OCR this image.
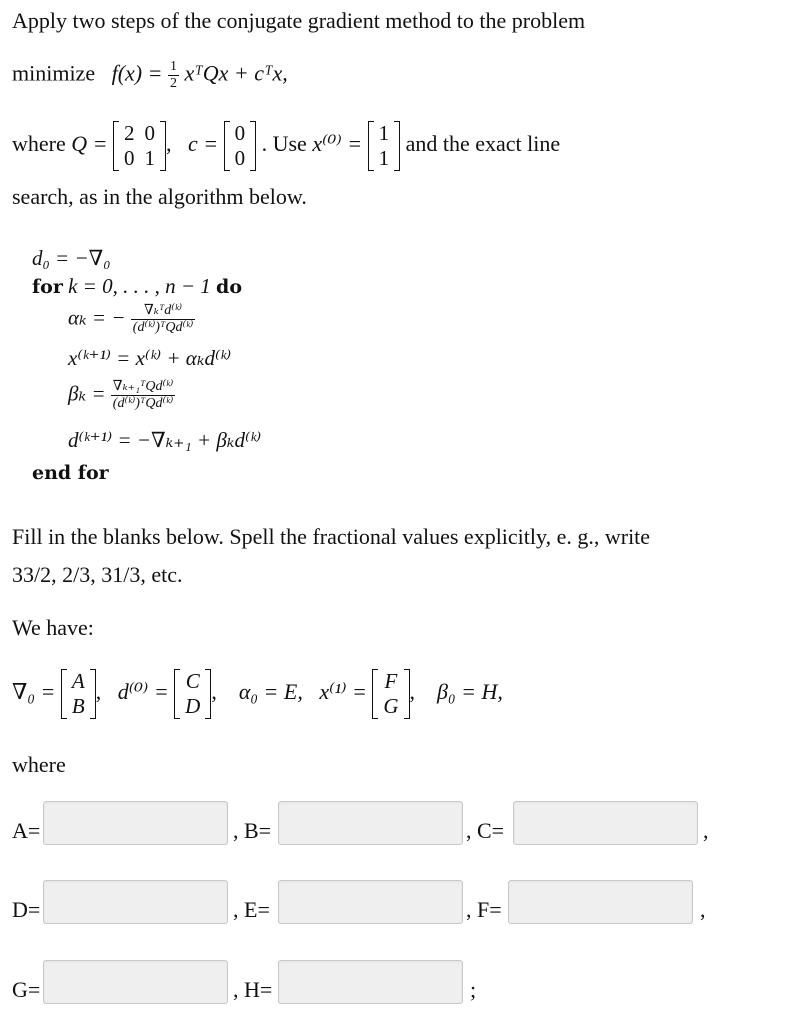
Apply two steps of the conjugate gradient method to the problem
minimize $f(x) = \frac{1}{2}$ xᵀQx + cᵀx,
where Q = 2	0
0	1
,   c = 0
0
. Use x⁽⁰⁾ = 1
1
and the exact line
search, as in the algorithm below.
d₀ = −∇₀
for k = 0, . . . , n − 1 do
αₖ = − $\frac{\text{∇ₖᵀd⁽ᵏ⁾}}{\text{(d⁽ᵏ⁾)ᵀQd⁽ᵏ⁾}}$
x⁽ᵏ⁺¹⁾ = x⁽ᵏ⁾ + αₖd⁽ᵏ⁾
$\beta_k = \frac{\text{∇ₖ₊₁ᵀQd⁽ᵏ⁾}}{\text{(d⁽ᵏ⁾)ᵀQd⁽ᵏ⁾}}$
d⁽ᵏ⁺¹⁾ = −∇ₖ₊₁ + βₖd⁽ᵏ⁾
end for
Fill in the blanks below. Spell the fractional values explicitly, e. g., write
33/2, 2/3, 31/3, etc.
We have:
∇₀ = A
B
,   d⁽⁰⁾ = C
D
,    α₀ = E, x⁽¹⁾ = F
G
,    β₀ = H,
where
A=	, B=	, C=	,
D=	, E=	, F=	,
G=	, H=	;
